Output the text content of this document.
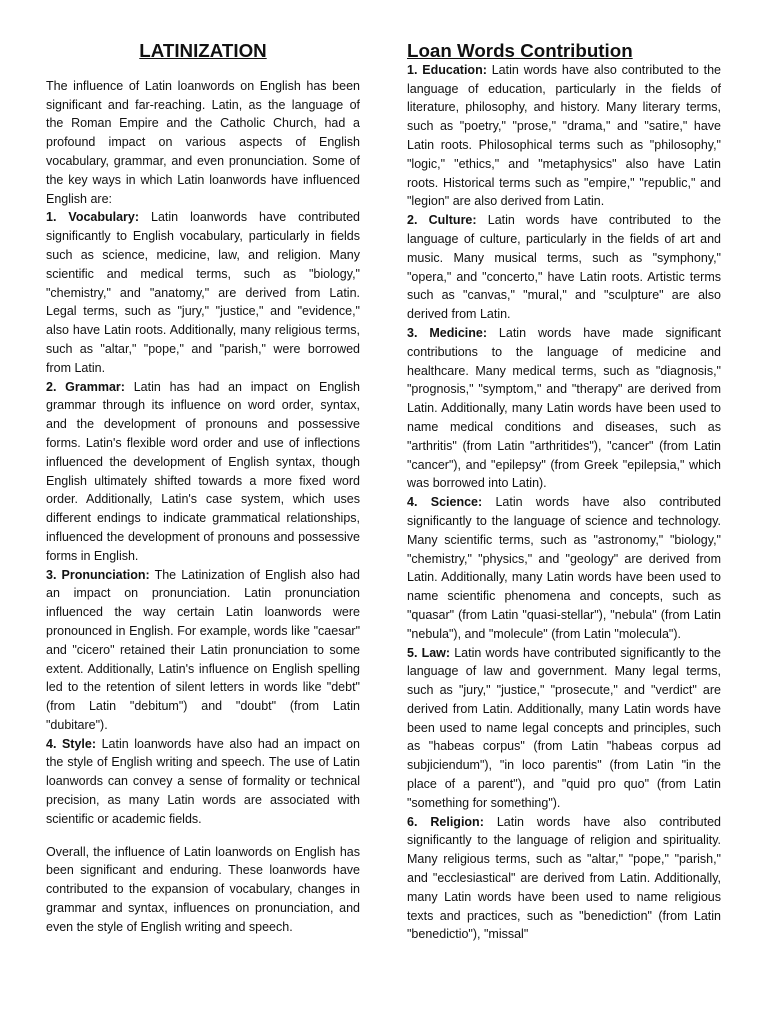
LATINIZATION

The influence of Latin loanwords on English has been significant and far-reaching. Latin, as the language of the Roman Empire and the Catholic Church, had a profound impact on various aspects of English vocabulary, grammar, and even pronunciation. Some of the key ways in which Latin loanwords have influenced English are:

1. Vocabulary: Latin loanwords have contributed significantly to English vocabulary, particularly in fields such as science, medicine, law, and religion. Many scientific and medical terms, such as "biology," "chemistry," and "anatomy," are derived from Latin. Legal terms, such as "jury," "justice," and "evidence," also have Latin roots. Additionally, many religious terms, such as "altar," "pope," and "parish," were borrowed from Latin.

2. Grammar: Latin has had an impact on English grammar through its influence on word order, syntax, and the development of pronouns and possessive forms. Latin's flexible word order and use of inflections influenced the development of English syntax, though English ultimately shifted towards a more fixed word order. Additionally, Latin's case system, which uses different endings to indicate grammatical relationships, influenced the development of pronouns and possessive forms in English.

3. Pronunciation: The Latinization of English also had an impact on pronunciation. Latin pronunciation influenced the way certain Latin loanwords were pronounced in English. For example, words like "caesar" and "cicero" retained their Latin pronunciation to some extent. Additionally, Latin's influence on English spelling led to the retention of silent letters in words like "debt" (from Latin "debitum") and "doubt" (from Latin "dubitare").

4. Style: Latin loanwords have also had an impact on the style of English writing and speech. The use of Latin loanwords can convey a sense of formality or technical precision, as many Latin words are associated with scientific or academic fields.

Overall, the influence of Latin loanwords on English has been significant and enduring. These loanwords have contributed to the expansion of vocabulary, changes in grammar and syntax, influences on pronunciation, and even the style of English writing and speech.

Loan Words Contribution

1. Education: Latin words have also contributed to the language of education, particularly in the fields of literature, philosophy, and history. Many literary terms, such as "poetry," "prose," "drama," and "satire," have Latin roots. Philosophical terms such as "philosophy," "logic," "ethics," and "metaphysics" also have Latin roots. Historical terms such as "empire," "republic," and "legion" are also derived from Latin.

2. Culture: Latin words have contributed to the language of culture, particularly in the fields of art and music. Many musical terms, such as "symphony," "opera," and "concerto," have Latin roots. Artistic terms such as "canvas," "mural," and "sculpture" are also derived from Latin.

3. Medicine: Latin words have made significant contributions to the language of medicine and healthcare. Many medical terms, such as "diagnosis," "prognosis," "symptom," and "therapy" are derived from Latin. Additionally, many Latin words have been used to name medical conditions and diseases, such as "arthritis" (from Latin "arthritides"), "cancer" (from Latin "cancer"), and "epilepsy" (from Greek "epilepsia," which was borrowed into Latin).

4. Science: Latin words have also contributed significantly to the language of science and technology. Many scientific terms, such as "astronomy," "biology," "chemistry," "physics," and "geology" are derived from Latin. Additionally, many Latin words have been used to name scientific phenomena and concepts, such as "quasar" (from Latin "quasi-stellar"), "nebula" (from Latin "nebula"), and "molecule" (from Latin "molecula").

5. Law: Latin words have contributed significantly to the language of law and government. Many legal terms, such as "jury," "justice," "prosecute," and "verdict" are derived from Latin. Additionally, many Latin words have been used to name legal concepts and principles, such as "habeas corpus" (from Latin "habeas corpus ad subjiciendum"), "in loco parentis" (from Latin "in the place of a parent"), and "quid pro quo" (from Latin "something for something").

6. Religion: Latin words have also contributed significantly to the language of religion and spirituality. Many religious terms, such as "altar," "pope," "parish," and "ecclesiastical" are derived from Latin. Additionally, many Latin words have been used to name religious texts and practices, such as "benediction" (from Latin "benedictio"), "missal"
